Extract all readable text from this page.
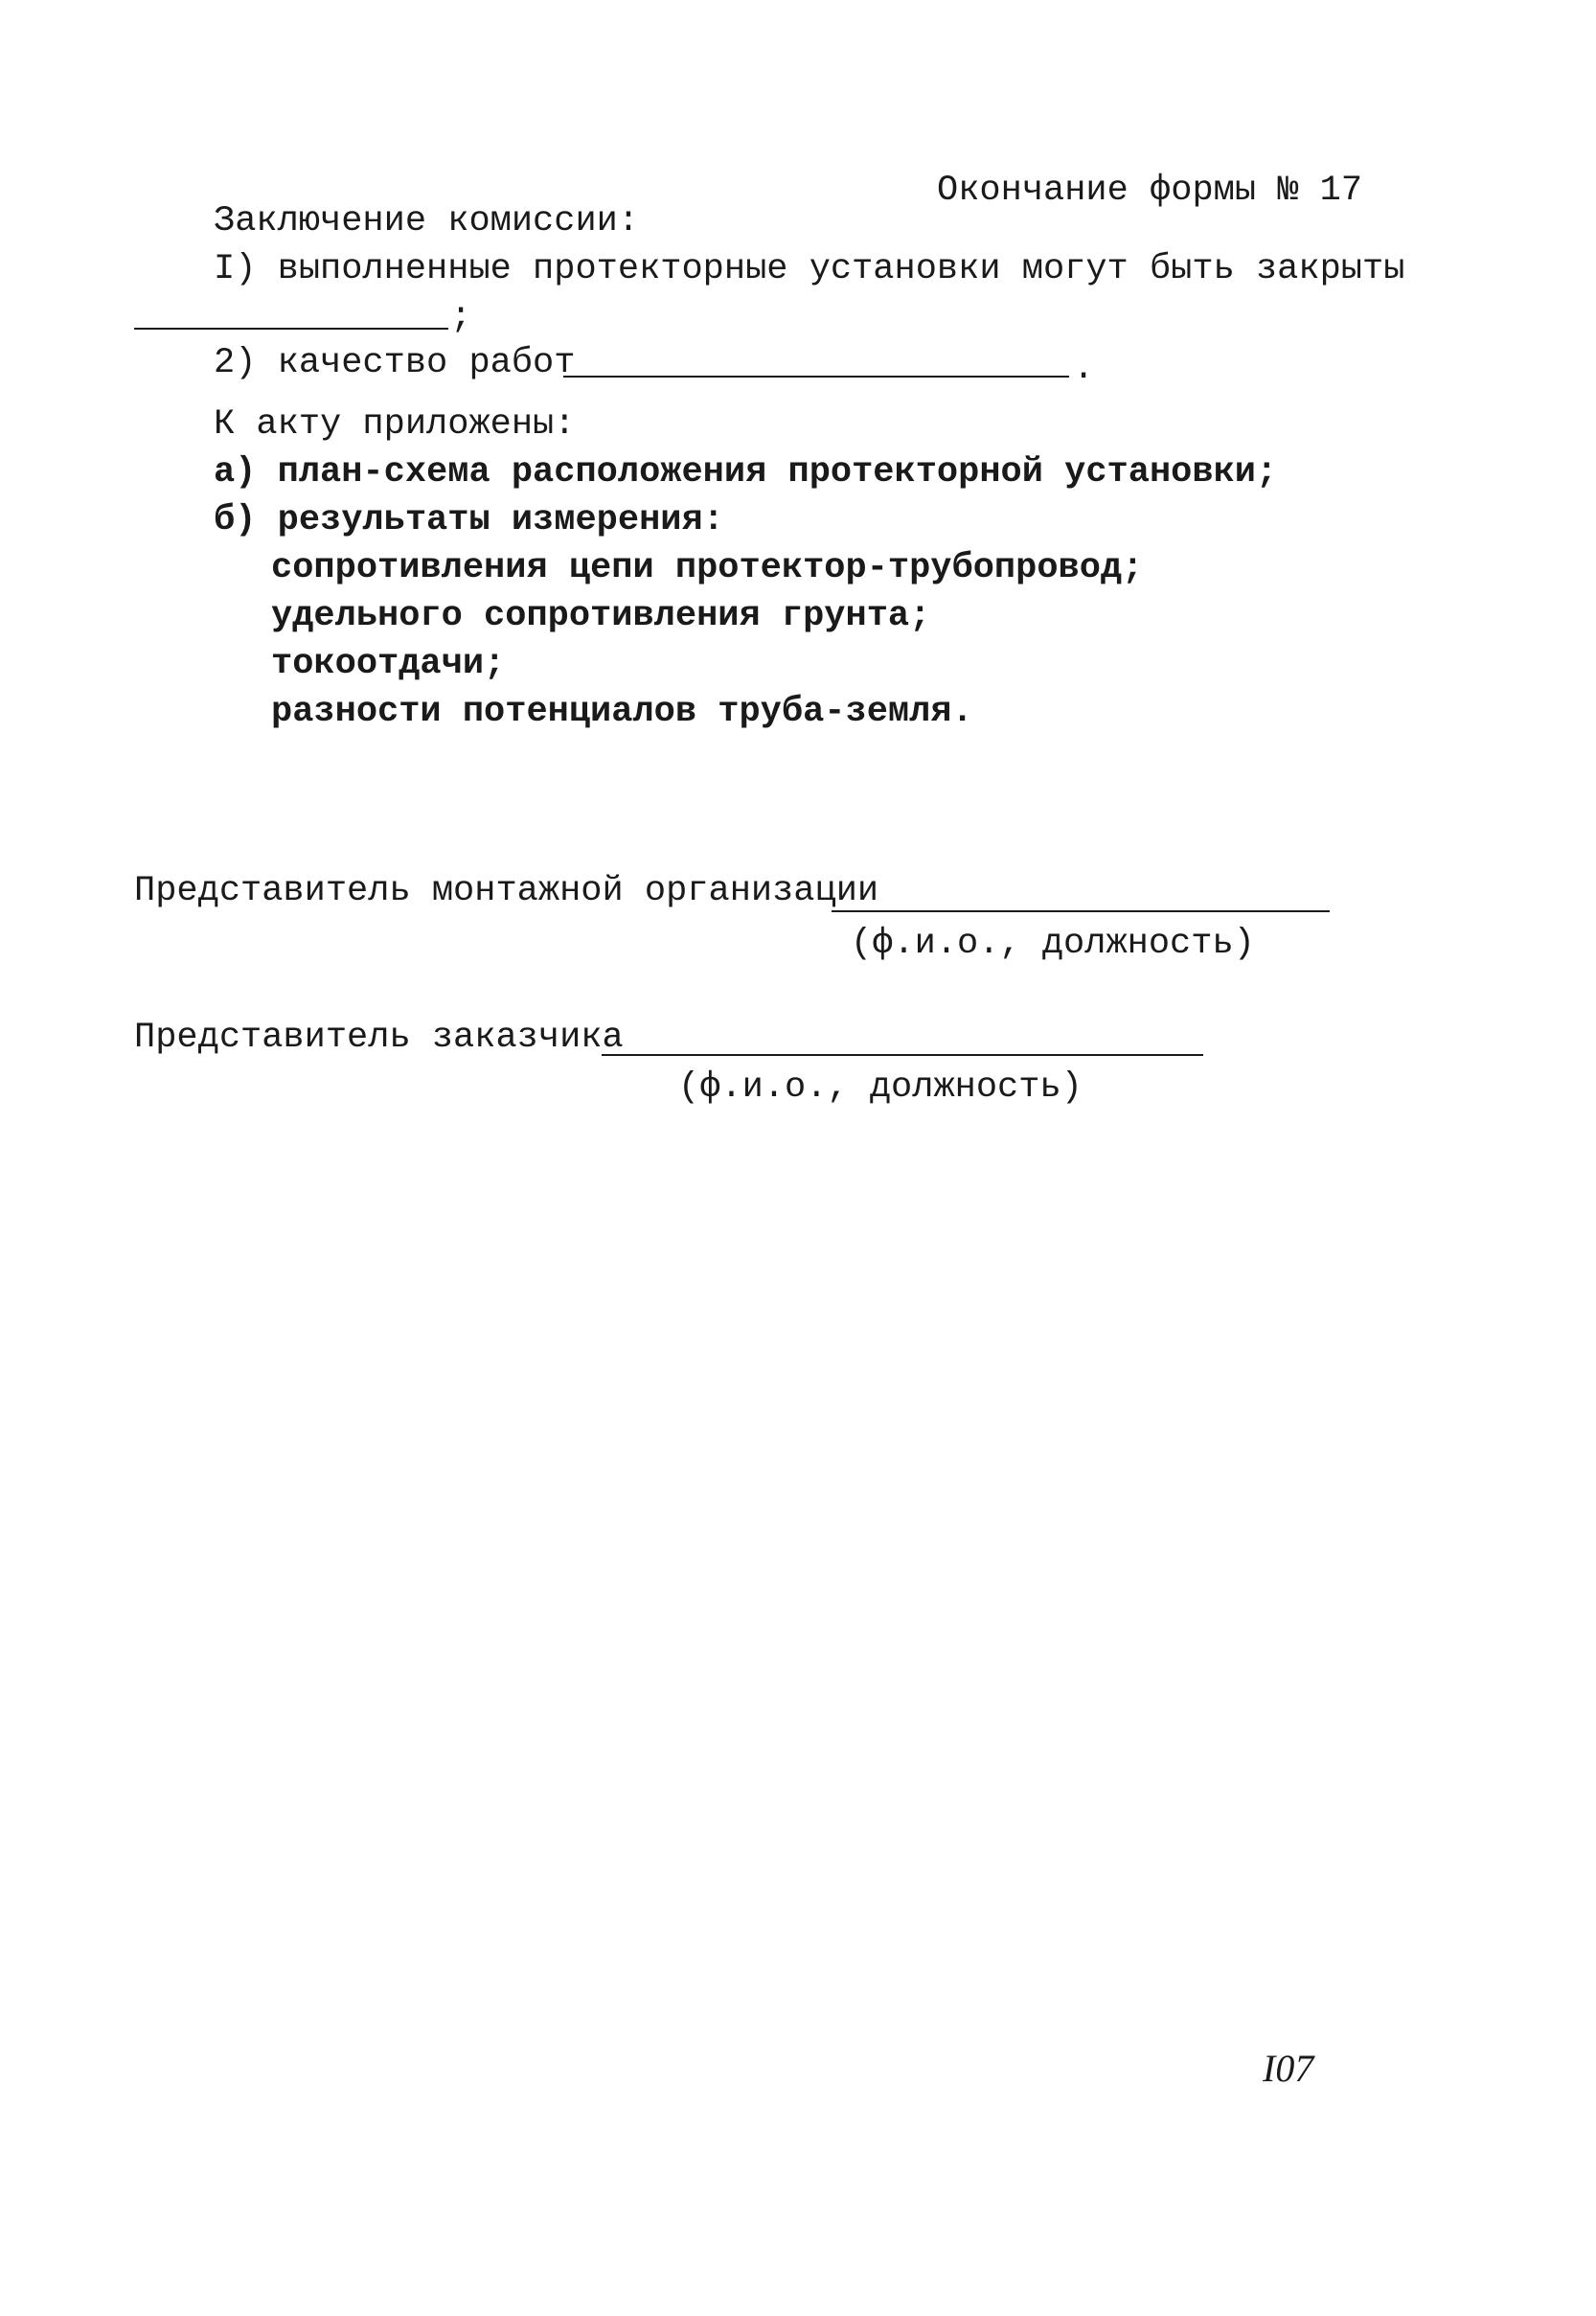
Окончание формы № 17
Заключение комиссии:
I) выполненные протекторные установки могут быть закрыты
;
2) качество работ	.
К акту приложены:
а) план-схема расположения протекторной установки;
б) результаты измерения:
сопротивления цепи протектор-трубопровод;
удельного сопротивления грунта;
токоотдачи;
разности потенциалов труба-земля.
Представитель монтажной организации
(ф.и.о., должность)
Представитель заказчика
(ф.и.о., должность)
I07
